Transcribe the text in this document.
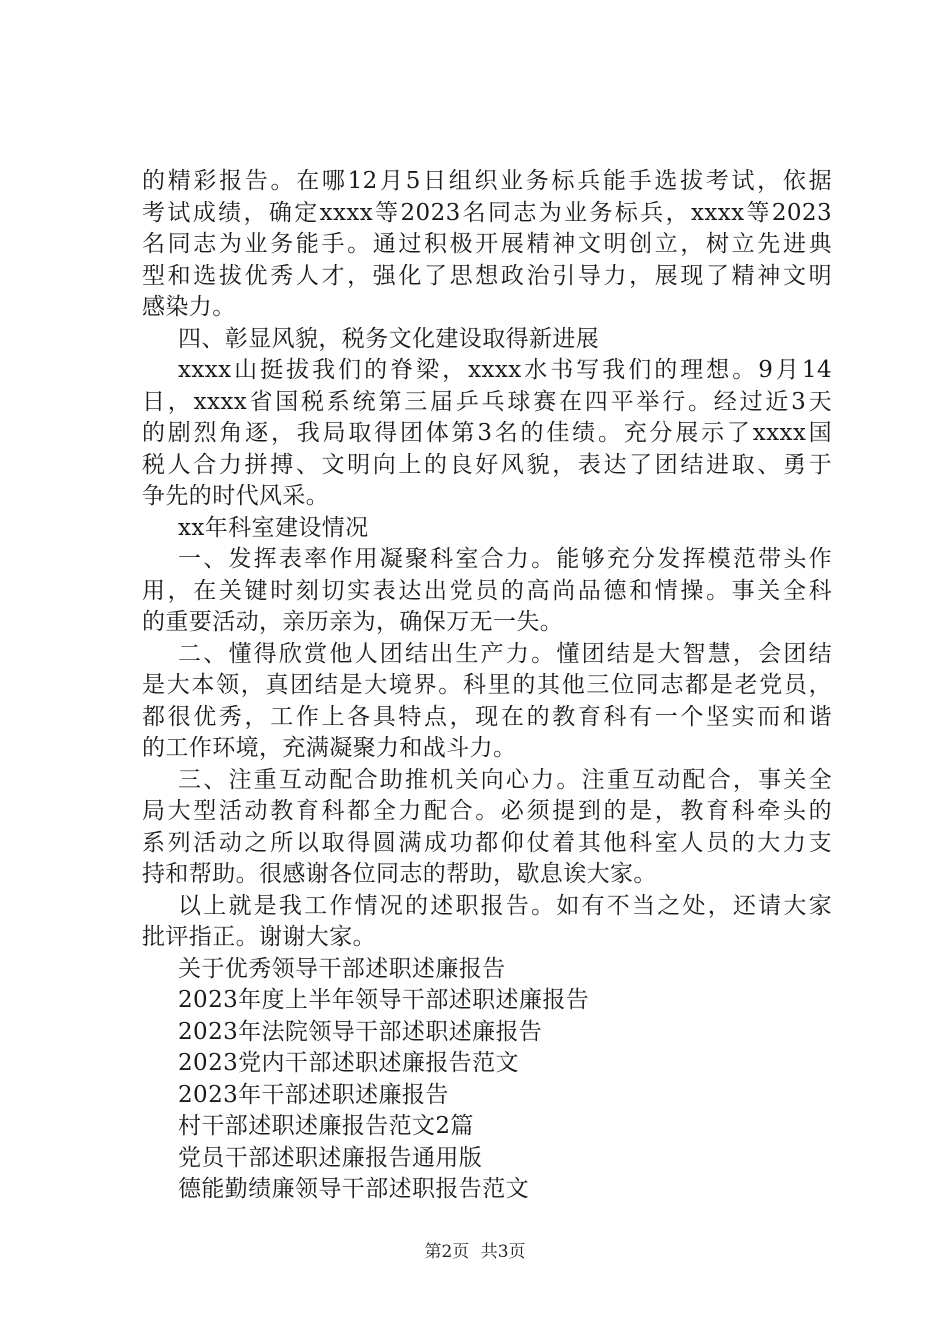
的精彩报告。在哪12月5日组织业务标兵能手选拔考试，依据
考试成绩，确定xxxx等2023名同志为业务标兵，xxxx等2023
名同志为业务能手。通过积极开展精神文明创立，树立先进典
型和选拔优秀人才，强化了思想政治引导力，展现了精神文明
感染力。
四、彰显风貌，税务文化建设取得新进展
xxxx山挺拔我们的脊梁，xxxx水书写我们的理想。9月14
日，xxxx省国税系统第三届乒乓球赛在四平举行。经过近3天
的剧烈角逐，我局取得团体第3名的佳绩。充分展示了xxxx国
税人合力拼搏、文明向上的良好风貌，表达了团结进取、勇于
争先的时代风采。
xx年科室建设情况
一、发挥表率作用凝聚科室合力。能够充分发挥模范带头作
用，在关键时刻切实表达出党员的高尚品德和情操。事关全科
的重要活动，亲历亲为，确保万无一失。
二、懂得欣赏他人团结出生产力。懂团结是大智慧，会团结
是大本领，真团结是大境界。科里的其他三位同志都是老党员，
都很优秀，工作上各具特点，现在的教育科有一个坚实而和谐
的工作环境，充满凝聚力和战斗力。
三、注重互动配合助推机关向心力。注重互动配合，事关全
局大型活动教育科都全力配合。必须提到的是，教育科牵头的
系列活动之所以取得圆满成功都仰仗着其他科室人员的大力支
持和帮助。很感谢各位同志的帮助，歇息诶大家。
以上就是我工作情况的述职报告。如有不当之处，还请大家
批评指正。谢谢大家。
关于优秀领导干部述职述廉报告
2023年度上半年领导干部述职述廉报告
2023年法院领导干部述职述廉报告
2023党内干部述职述廉报告范文
2023年干部述职述廉报告
村干部述职述廉报告范文2篇
党员干部述职述廉报告通用版
德能勤绩廉领导干部述职报告范文
第2页 共3页
